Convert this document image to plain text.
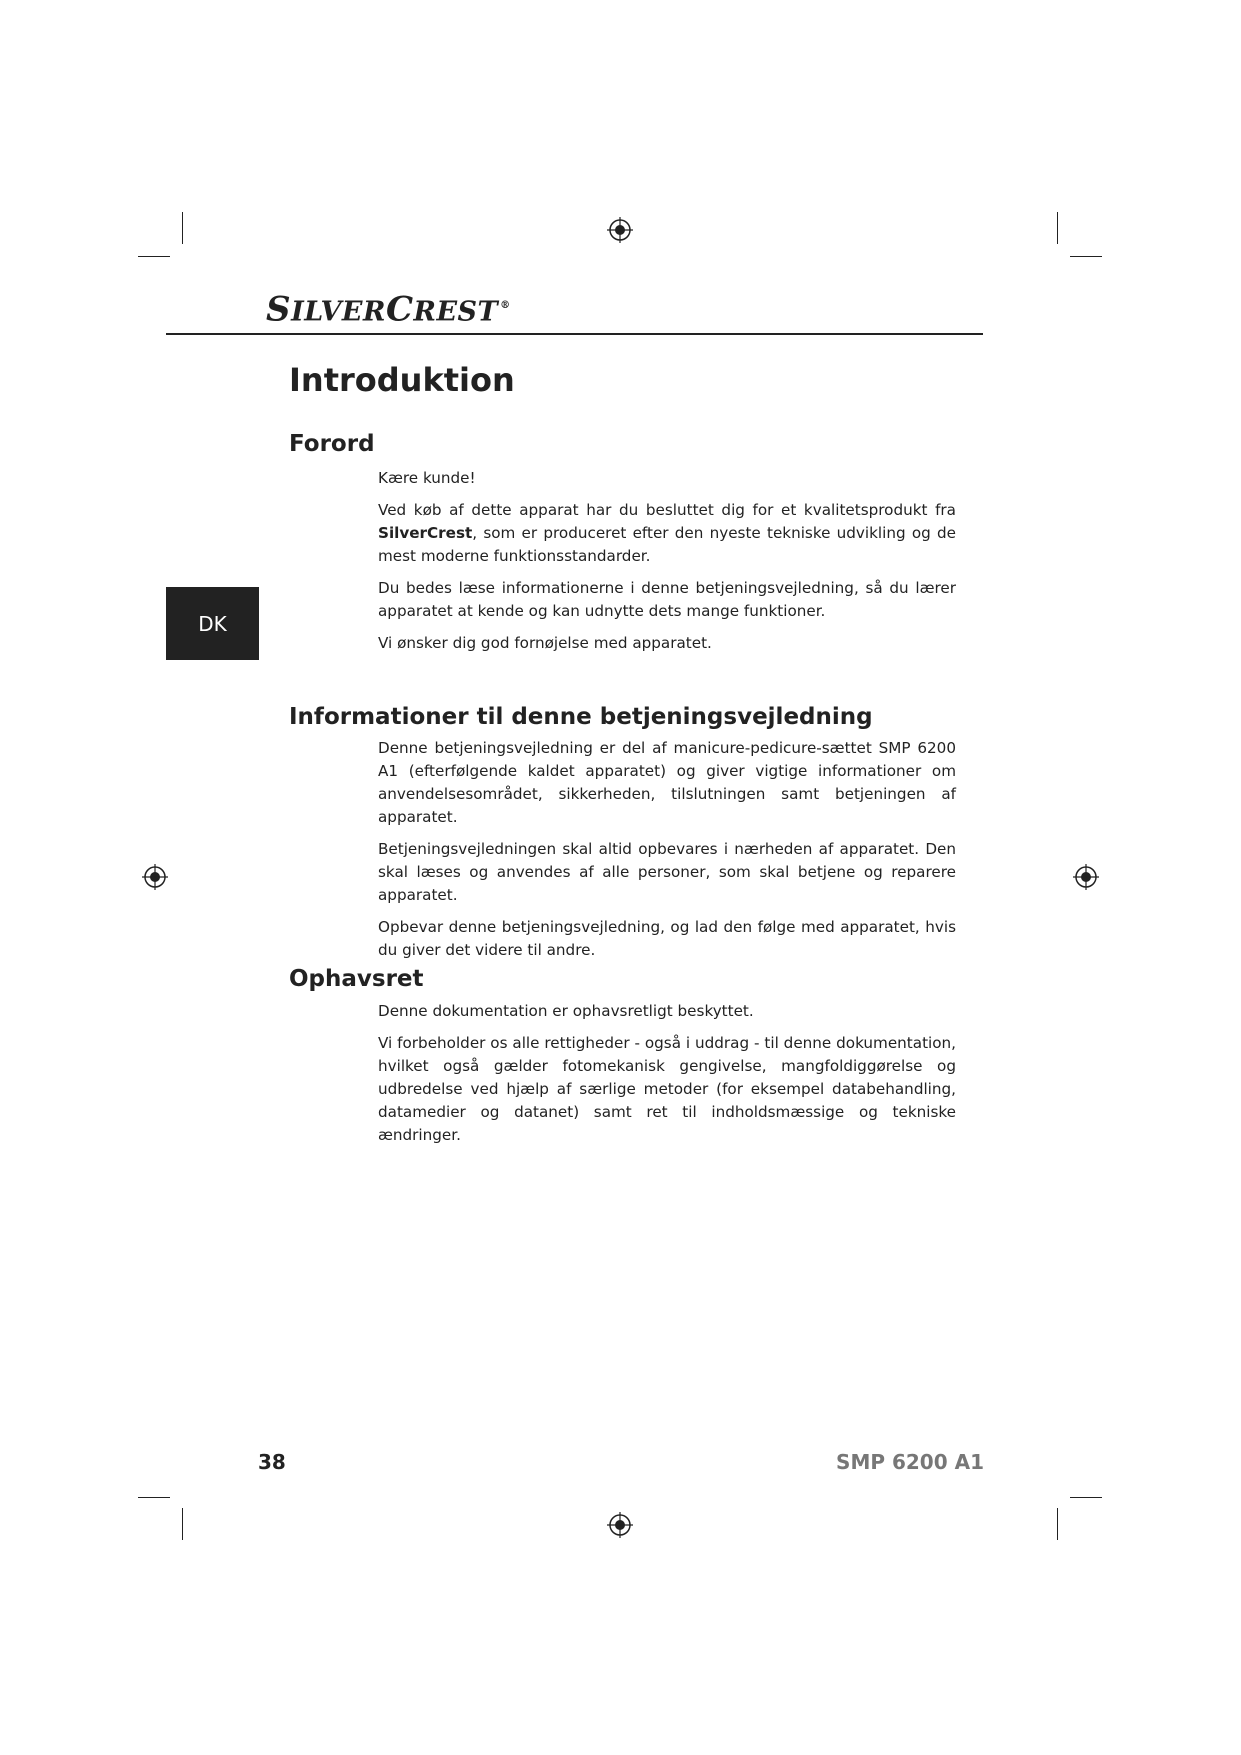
SILVERCREST ®
Introduktion
DK
Forord

Kære kunde!

Ved køb af dette apparat har du besluttet dig for et kvalitetsprodukt fra SilverCrest, som er produceret efter den nyeste tekniske udvikling og de mest moderne funktionsstandarder.

Du bedes læse informationerne i denne betjeningsvejledning, så du lærer apparatet at kende og kan udnytte dets mange funktioner.

Vi ønsker dig god fornøjelse med apparatet.

Informationer til denne betjeningsvejledning

Denne betjeningsvejledning er del af manicure-pedicure-sættet SMP 6200 A1 (efterfølgende kaldet apparatet) og giver vigtige informationer om anvendelsesområdet, sikkerheden, tilslutningen samt betjeningen af apparatet.

Betjeningsvejledningen skal altid opbevares i nærheden af apparatet. Den skal læses og anvendes af alle personer, som skal betjene og reparere apparatet.

Opbevar denne betjeningsvejledning, og lad den følge med apparatet, hvis du giver det videre til andre.

Ophavsret

Denne dokumentation er ophavsretligt beskyttet.

Vi forbeholder os alle rettigheder - også i uddrag - til denne dokumentation, hvilket også gælder fotomekanisk gengivelse, mangfoldiggørelse og udbredelse ved hjælp af særlige metoder (for eksempel databehandling, datamedier og datanet) samt ret til indholdsmæssige og tekniske ændringer.

38	SMP 6200 A1
